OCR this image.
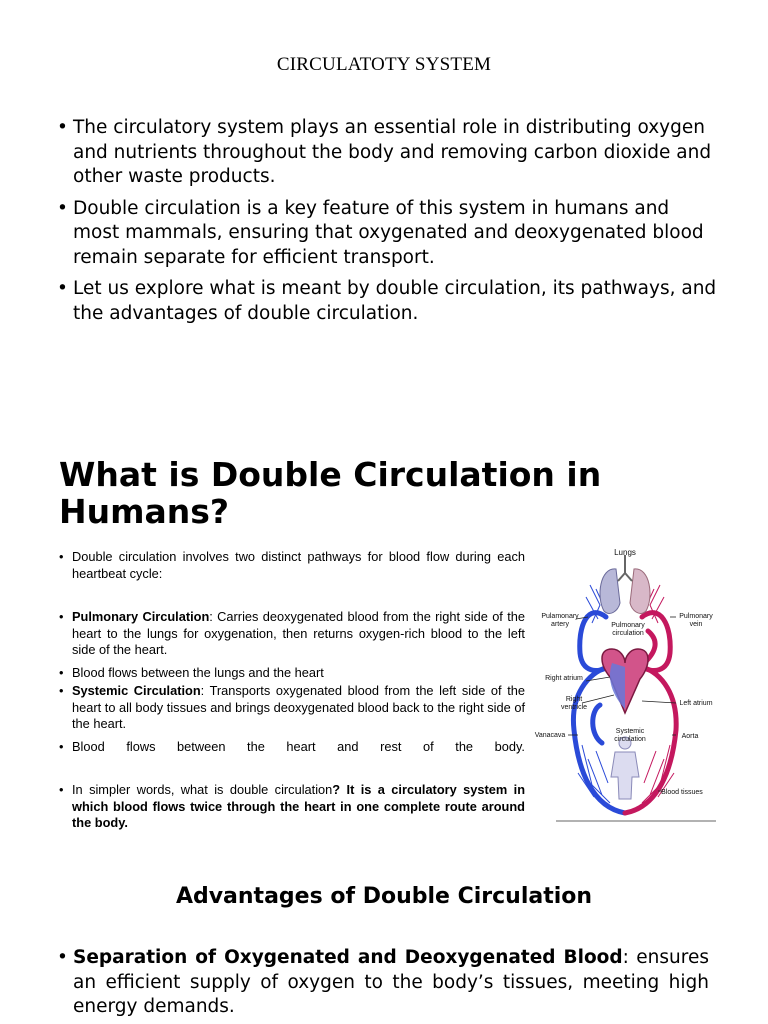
CIRCULATOTY SYSTEM
• The circulatory system plays an essential role in distributing oxygen and nutrients throughout the body and removing carbon dioxide and other waste products.
• Double circulation is a key feature of this system in humans and most mammals, ensuring that oxygenated and deoxygenated blood remain separate for efficient transport.
• Let us explore what is meant by double circulation, its pathways, and the advantages of double circulation.
What is Double Circulation in Humans?
• Double circulation involves two distinct pathways for blood flow during each heartbeat cycle:
• Pulmonary Circulation: Carries deoxygenated blood from the right side of the heart to the lungs for oxygenation, then returns oxygen-rich blood to the left side of the heart.
• Blood flows between the lungs and the heart
• Systemic Circulation: Transports oxygenated blood from the left side of the heart to all body tissues and brings deoxygenated blood back to the right side of the heart.
• Blood flows between the heart and rest of the body.
• In simpler words, what is double circulation? It is a circulatory system in which blood flows twice through the heart in one complete route around the body.
Lungs
Pulamonary
artery	Pulmonary
circulation
Pulmonary
vein
Right atrium
Right
ventricle
Left atrium
Systemic
circulation
Vanacava	Aorta
Blood tissues
Advantages of Double Circulation
• Separation of Oxygenated and Deoxygenated Blood: ensures an efficient supply of oxygen to the body’s tissues, meeting high energy demands.
